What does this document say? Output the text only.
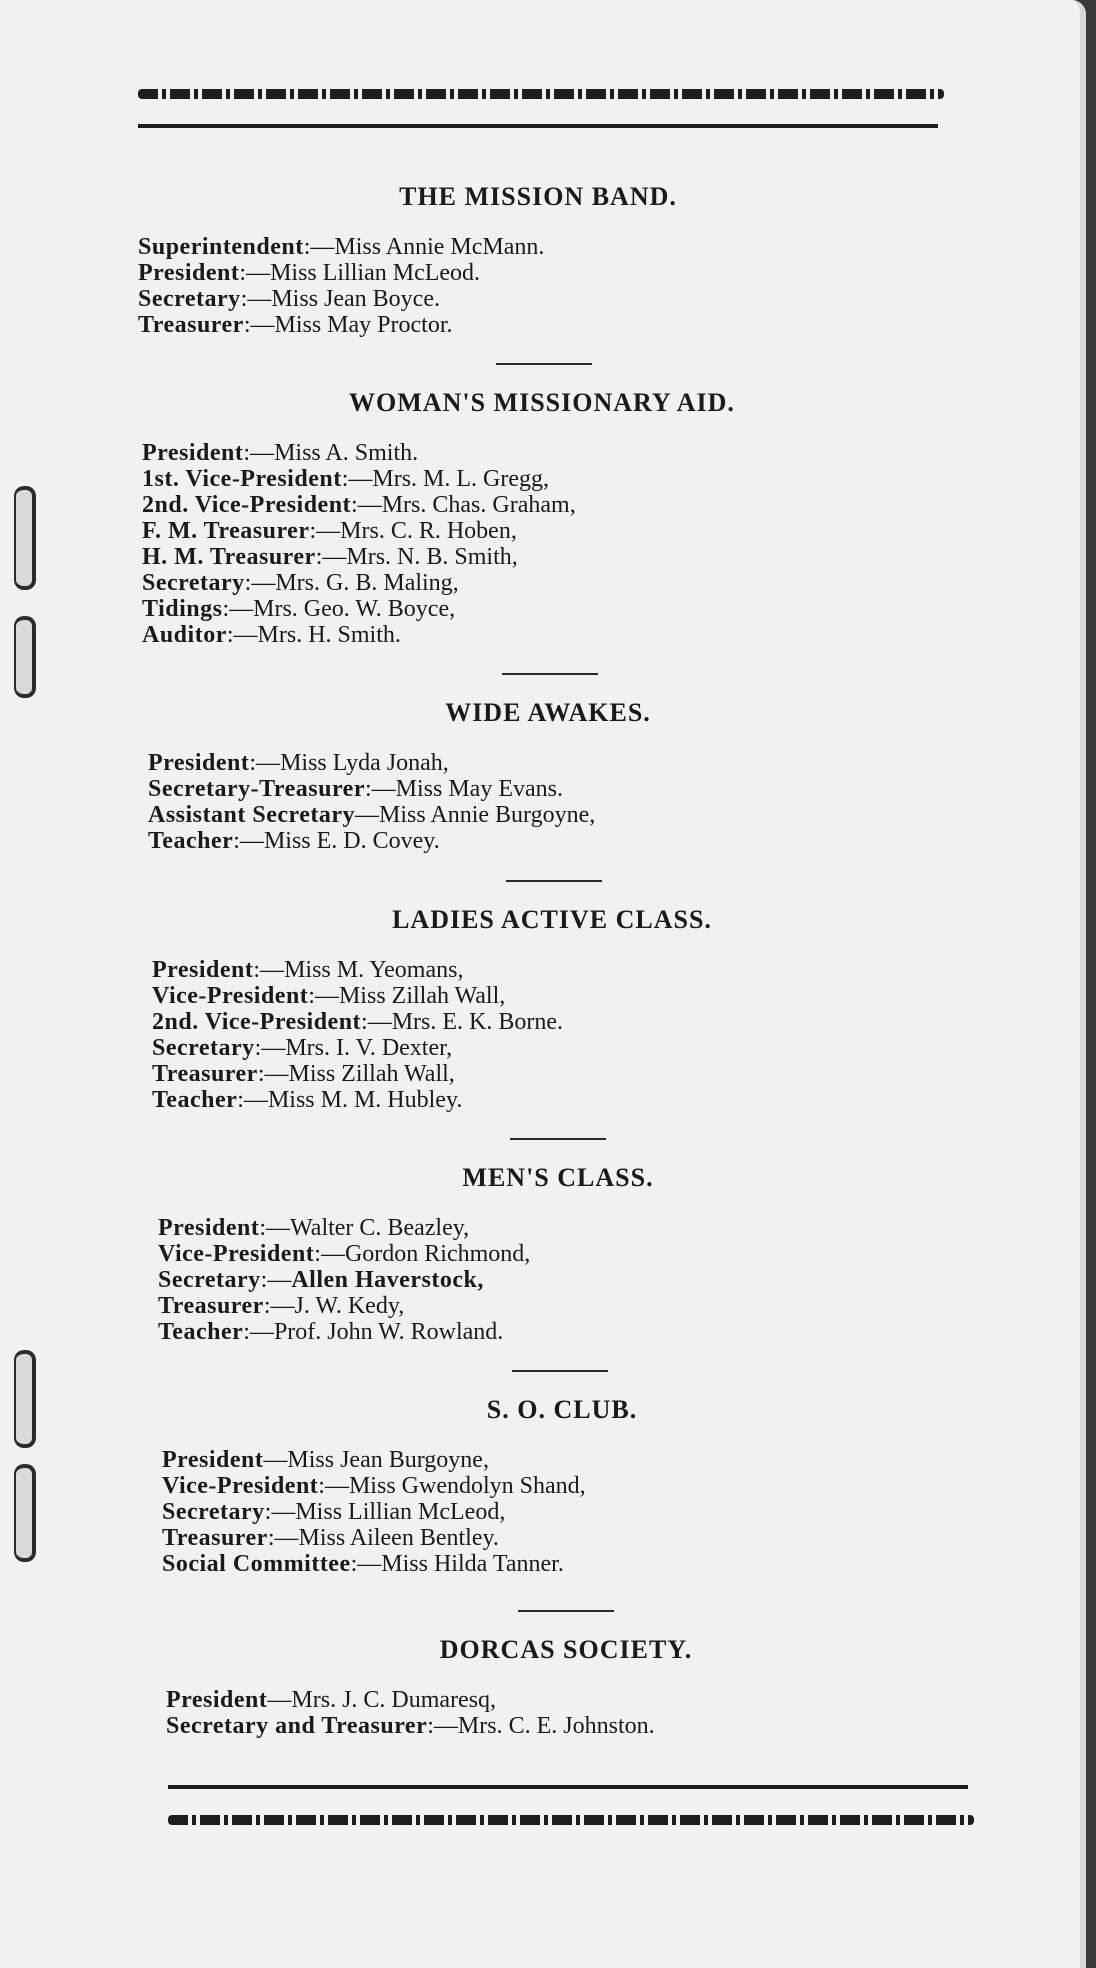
THE MISSION BAND.
Superintendent:—Miss Annie McMann.
President:—Miss Lillian McLeod.
Secretary:—Miss Jean Boyce.
Treasurer:—Miss May Proctor.
WOMAN'S MISSIONARY AID.
President:—Miss A. Smith.
1st. Vice-President:—Mrs. M. L. Gregg,
2nd. Vice-President:—Mrs. Chas. Graham,
F. M. Treasurer:—Mrs. C. R. Hoben,
H. M. Treasurer:—Mrs. N. B. Smith,
Secretary:—Mrs. G. B. Maling,
Tidings:—Mrs. Geo. W. Boyce,
Auditor:—Mrs. H. Smith.
WIDE AWAKES.
President:—Miss Lyda Jonah,
Secretary-Treasurer:—Miss May Evans.
Assistant Secretary—Miss Annie Burgoyne,
Teacher:—Miss E. D. Covey.
LADIES ACTIVE CLASS.
President:—Miss M. Yeomans,
Vice-President:—Miss Zillah Wall,
2nd. Vice-President:—Mrs. E. K. Borne.
Secretary:—Mrs. I. V. Dexter,
Treasurer:—Miss Zillah Wall,
Teacher:—Miss M. M. Hubley.
MEN'S CLASS.
President:—Walter C. Beazley,
Vice-President:—Gordon Richmond,
Secretary:—Allen Haverstock,
Treasurer:—J. W. Kedy,
Teacher:—Prof. John W. Rowland.
S. O. CLUB.
President—Miss Jean Burgoyne,
Vice-President:—Miss Gwendolyn Shand,
Secretary:—Miss Lillian McLeod,
Treasurer:—Miss Aileen Bentley.
Social Committee:—Miss Hilda Tanner.
DORCAS SOCIETY.
President—Mrs. J. C. Dumaresq,
Secretary and Treasurer:—Mrs. C. E. Johnston.
